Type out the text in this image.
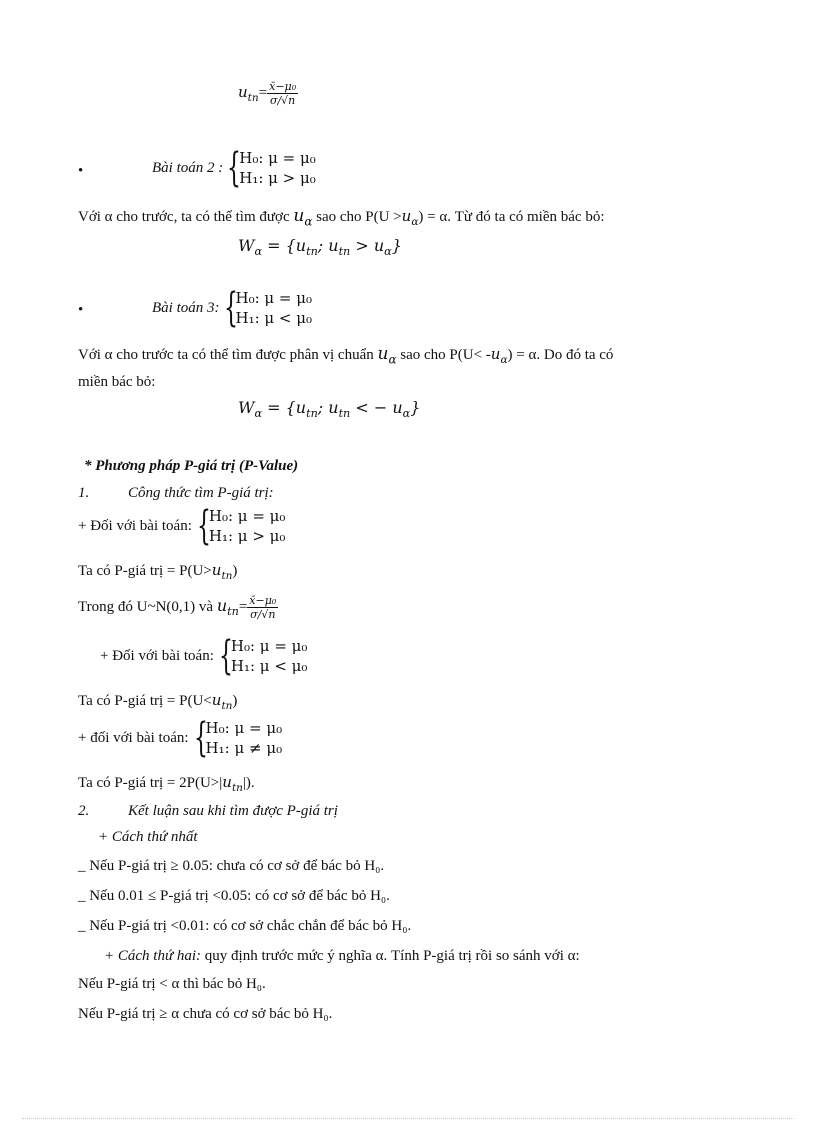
$u_{tn}= \frac{\text{x̄−μ₀}}{\sigma/√n}$
•	Bài toán 2 : {
H₀: μ = μ₀
H₁: μ > μ₀
Với α cho trước, ta có thể tìm được $u_\alpha$ sao cho $P(U >u_\alpha) = \alpha$. Từ đó ta có miền bác bỏ:
$W_\alpha = \{u_{tn}$; $u_{tn} > u_\alpha$}
•	Bài toán 3: {
H₀: μ = μ₀
H₁: μ < μ₀
Với α cho trước ta có thể tìm được phân vị chuẩn $u_\alpha$ sao cho $P(U< -u_\alpha) = \alpha$. Do đó ta có
miền bác bỏ:
$W_\alpha = \{u_{tn}$; $u_{tn}$ < − $u_\alpha$}
* Phương pháp P-giá trị (P-Value)
1.	Công thức tìm P-giá trị:
+ Đối với bài toán: {
H₀: μ = μ₀
H₁: μ > μ₀
Ta có P-giá trị = $P(U>u_{tn})$
Trong đó U~N(0,1) và $u_{tn}= \frac{\text{x̄−μ₀}}{\sigma/√n}$
+ Đối với bài toán: {
H₀: μ = μ₀
H₁: μ < μ₀
Ta có P-giá trị = $P(U<u_{tn})$
+ đối với bài toán: {
H₀: μ = μ₀
H₁: μ ≠ μ₀
Ta có P-giá trị = $2P(U>|u_{tn}|)$.
2.	Kết luận sau khi tìm được P-giá trị
+ Cách thứ nhất
_ Nếu P-giá trị ≥ 0.05: chưa có cơ sở để bác bỏ H₀.
_ Nếu 0.01 ≤ P-giá trị <0.05: có cơ sở để bác bỏ H₀.
_ Nếu P-giá trị <0.01: có cơ sở chắc chắn để bác bỏ H₀.
+ Cách thứ hai: quy định trước mức ý nghĩa α. Tính P-giá trị rồi so sánh với α:
Nếu P-giá trị < α thì bác bỏ H₀.
Nếu P-giá trị ≥ α chưa có cơ sở bác bỏ H₀.
